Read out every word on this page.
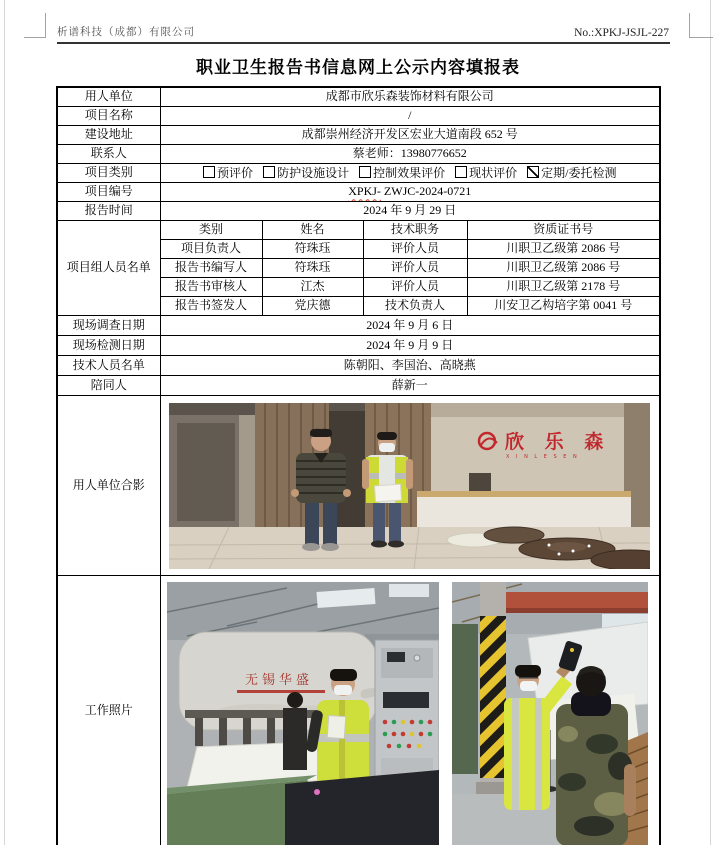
析谱科技（成都）有限公司	No.:XPKJ-JSJL-227
职业卫生报告书信息网上公示内容填报表
用人单位	成都市欣乐森装饰材料有限公司			
项目名称	/			
建设地址	成都崇州经济开发区宏业大道南段 652 号			
联系人	蔡老师：13980776652			
项目类别	预评价 防护设施设计 控制效果评价 现状评价 定期/委托检测			
项目编号	XPKJ- ZWJC-2024-0721			
报告时间	2024 年 9 月 29 日			
项目组人员名单	类别	姓名	技术职务	资质证书号
	项目负责人	符珠珏	评价人员	川职卫乙级第 2086 号
	报告书编写人	符珠珏	评价人员	川职卫乙级第 2086 号
	报告书审核人	江杰	评价人员	川职卫乙级第 2178 号
	报告书签发人	党庆德	技术负责人	川安卫乙构培字第 0041 号
现场调查日期	2024 年 9 月 6 日			
现场检测日期	2024 年 9 月 9 日			
技术人员名单	陈朝阳、李国治、高晓燕			
陪同人	薛新一			
用人单位合影	欣 乐 森
X I N L E S E N			

工作照片	无锡华盛			
